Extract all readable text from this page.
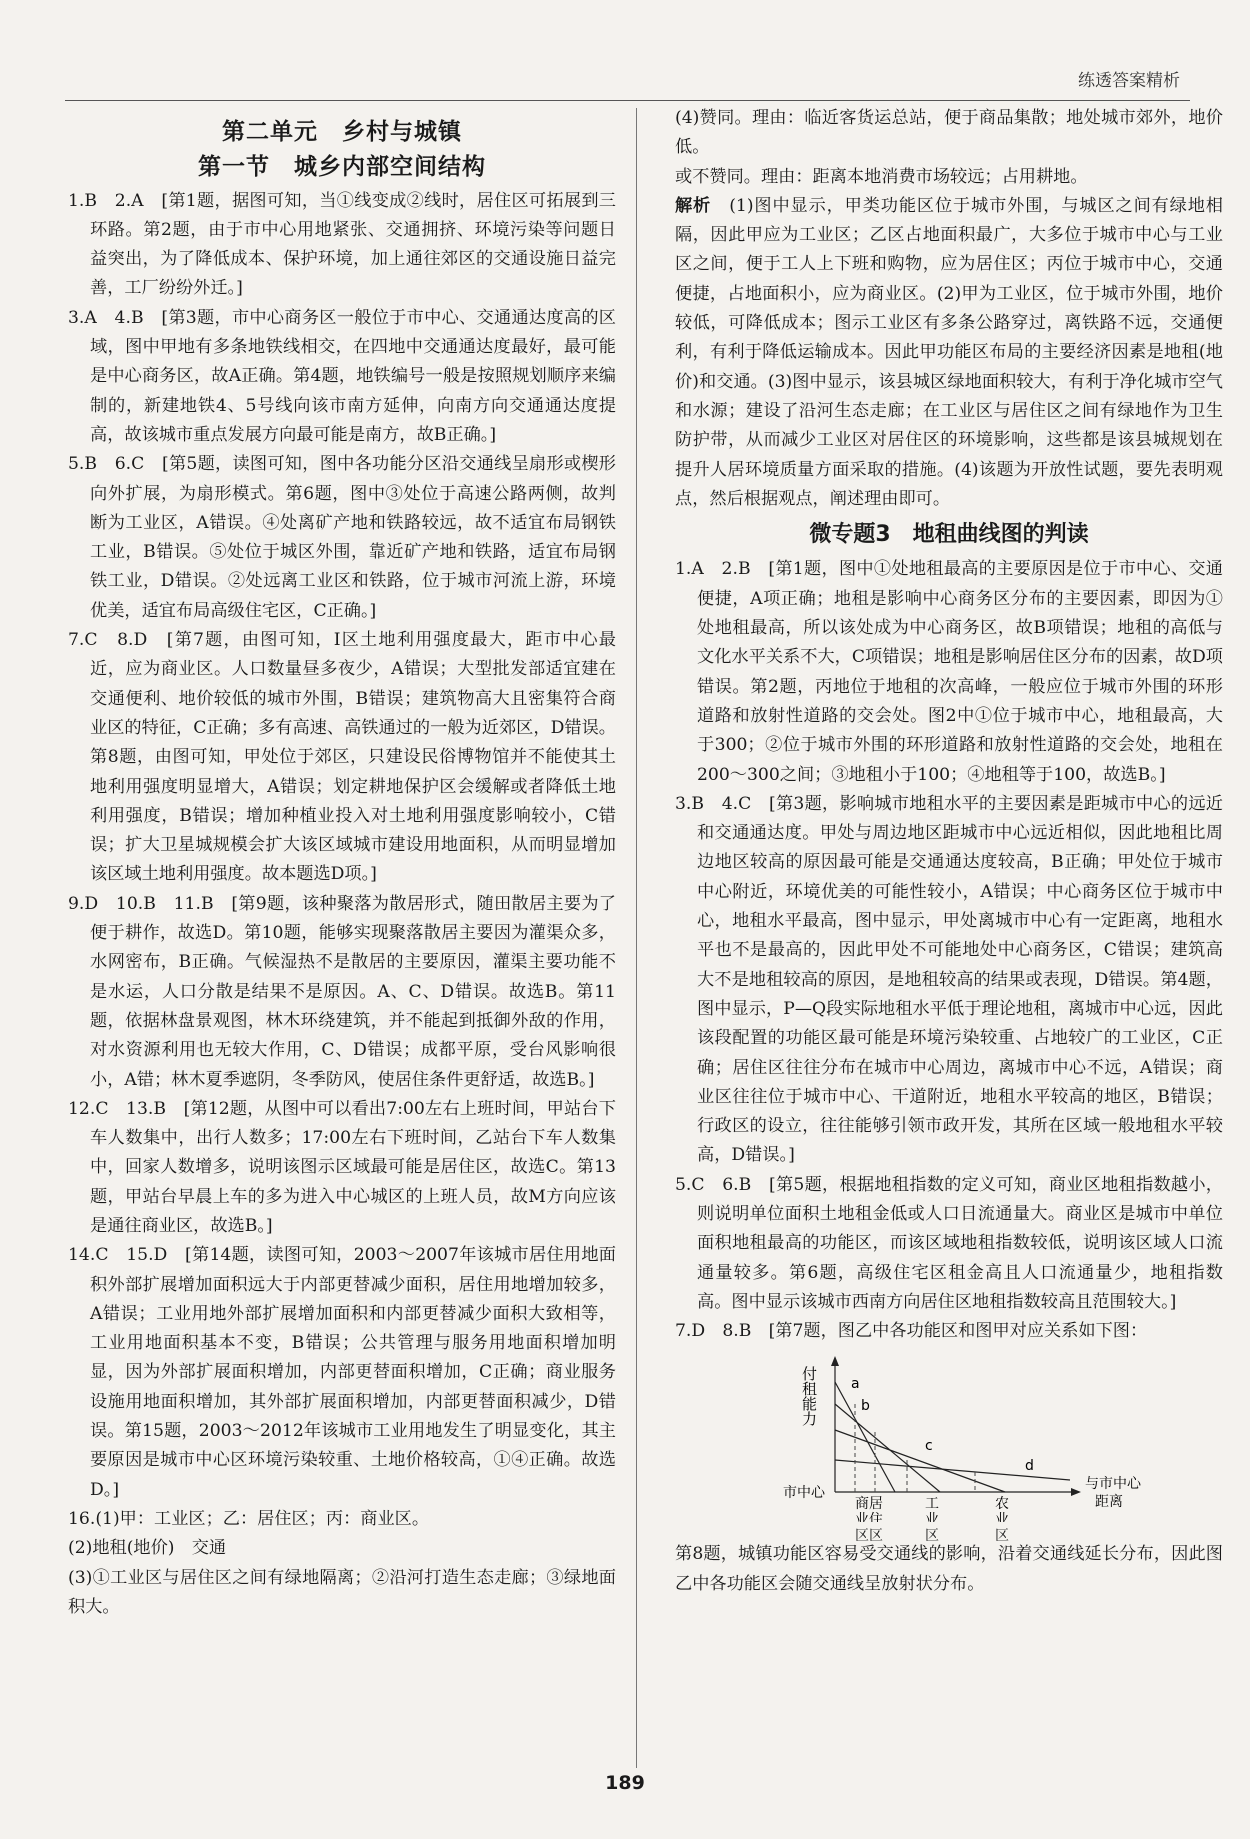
练透答案精析
第二单元　乡村与城镇
第一节　城乡内部空间结构

1.B　2.A　[第1题，据图可知，当①线变成②线时，居住区可拓展到三环路。第2题，由于市中心用地紧张、交通拥挤、环境污染等问题日益突出，为了降低成本、保护环境，加上通往郊区的交通设施日益完善，工厂纷纷外迁。]

3.A　4.B　[第3题，市中心商务区一般位于市中心、交通通达度高的区域，图中甲地有多条地铁线相交，在四地中交通通达度最好，最可能是中心商务区，故A正确。第4题，地铁编号一般是按照规划顺序来编制的，新建地铁4、5号线向该市南方延伸，向南方向交通通达度提高，故该城市重点发展方向最可能是南方，故B正确。]

5.B　6.C　[第5题，读图可知，图中各功能分区沿交通线呈扇形或楔形向外扩展，为扇形模式。第6题，图中③处位于高速公路两侧，故判断为工业区，A错误。④处离矿产地和铁路较远，故不适宜布局钢铁工业，B错误。⑤处位于城区外围，靠近矿产地和铁路，适宜布局钢铁工业，D错误。②处远离工业区和铁路，位于城市河流上游，环境优美，适宜布局高级住宅区，C正确。]

7.C　8.D　[第7题，由图可知，Ⅰ区土地利用强度最大，距市中心最近，应为商业区。人口数量昼多夜少，A错误；大型批发部适宜建在交通便利、地价较低的城市外围，B错误；建筑物高大且密集符合商业区的特征，C正确；多有高速、高铁通过的一般为近郊区，D错误。第8题，由图可知，甲处位于郊区，只建设民俗博物馆并不能使其土地利用强度明显增大，A错误；划定耕地保护区会缓解或者降低土地利用强度，B错误；增加种植业投入对土地利用强度影响较小，C错误；扩大卫星城规模会扩大该区域城市建设用地面积，从而明显增加该区域土地利用强度。故本题选D项。]

9.D　10.B　11.B　[第9题，该种聚落为散居形式，随田散居主要为了便于耕作，故选D。第10题，能够实现聚落散居主要因为灌渠众多，水网密布，B正确。气候湿热不是散居的主要原因，灌渠主要功能不是水运，人口分散是结果不是原因。A、C、D错误。故选B。第11题，依据林盘景观图，林木环绕建筑，并不能起到抵御外敌的作用，对水资源利用也无较大作用，C、D错误；成都平原，受台风影响很小，A错；林木夏季遮阴，冬季防风，使居住条件更舒适，故选B。]

12.C　13.B　[第12题，从图中可以看出7:00左右上班时间，甲站台下车人数集中，出行人数多；17:00左右下班时间，乙站台下车人数集中，回家人数增多，说明该图示区域最可能是居住区，故选C。第13题，甲站台早晨上车的多为进入中心城区的上班人员，故M方向应该是通往商业区，故选B。]

14.C　15.D　[第14题，读图可知，2003～2007年该城市居住用地面积外部扩展增加面积远大于内部更替减少面积，居住用地增加较多，A错误；工业用地外部扩展增加面积和内部更替减少面积大致相等，工业用地面积基本不变，B错误；公共管理与服务用地面积增加明显，因为外部扩展面积增加，内部更替面积增加，C正确；商业服务设施用地面积增加，其外部扩展面积增加，内部更替面积减少，D错误。第15题，2003～2012年该城市工业用地发生了明显变化，其主要原因是城市中心区环境污染较重、土地价格较高，①④正确。故选D。]

16.(1)甲：工业区；乙：居住区；丙：商业区。

(2)地租(地价)　交通

(3)①工业区与居住区之间有绿地隔离；②沿河打造生态走廊；③绿地面积大。

(4)赞同。理由：临近客货运总站，便于商品集散；地处城市郊外，地价低。

或不赞同。理由：距离本地消费市场较远；占用耕地。

解析　 (1)图中显示，甲类功能区位于城市外围，与城区之间有绿地相隔，因此甲应为工业区；乙区占地面积最广，大多位于城市中心与工业区之间，便于工人上下班和购物，应为居住区；丙位于城市中心，交通便捷，占地面积小，应为商业区。(2)甲为工业区，位于城市外围，地价较低，可降低成本；图示工业区有多条公路穿过，离铁路不远，交通便利，有利于降低运输成本。因此甲功能区布局的主要经济因素是地租(地价)和交通。(3)图中显示，该县城区绿地面积较大，有利于净化城市空气和水源；建设了沿河生态走廊；在工业区与居住区之间有绿地作为卫生防护带，从而减少工业区对居住区的环境影响，这些都是该县城规划在提升人居环境质量方面采取的措施。(4)该题为开放性试题，要先表明观点，然后根据观点，阐述理由即可。

微专题3　地租曲线图的判读

1.A　2.B　[第1题，图中①处地租最高的主要原因是位于市中心、交通便捷，A项正确；地租是影响中心商务区分布的主要因素，即因为①处地租最高，所以该处成为中心商务区，故B项错误；地租的高低与文化水平关系不大，C项错误；地租是影响居住区分布的因素，故D项错误。第2题，丙地位于地租的次高峰，一般应位于城市外围的环形道路和放射性道路的交会处。图2中①位于城市中心，地租最高，大于300；②位于城市外围的环形道路和放射性道路的交会处，地租在200～300之间；③地租小于100；④地租等于100，故选B。]

3.B　4.C　[第3题，影响城市地租水平的主要因素是距城市中心的远近和交通通达度。甲处与周边地区距城市中心远近相似，因此地租比周边地区较高的原因最可能是交通通达度较高，B正确；甲处位于城市中心附近，环境优美的可能性较小，A错误；中心商务区位于城市中心，地租水平最高，图中显示，甲处离城市中心有一定距离，地租水平也不是最高的，因此甲处不可能地处中心商务区，C错误；建筑高大不是地租较高的原因，是地租较高的结果或表现，D错误。第4题，图中显示，P—Q段实际地租水平低于理论地租，离城市中心远，因此该段配置的功能区最可能是环境污染较重、占地较广的工业区，C正确；居住区往往分布在城市中心周边，离城市中心不远，A错误；商业区往往位于城市中心、干道附近，地租水平较高的地区，B错误；行政区的设立，往往能够引领市政开发，其所在区域一般地租水平较高，D错误。]

5.C　6.B　[第5题，根据地租指数的定义可知，商业区地租指数越小，则说明单位面积土地租金低或人口日流通量大。商业区是城市中单位面积地租最高的功能区，而该区域地租指数较低，说明该区域人口流通量较多。第6题，高级住宅区租金高且人口流通量少，地租指数高。图中显示该城市西南方向居住区地租指数较高且范围较大。]

7.D　8.B　[第7题，图乙中各功能区和图甲对应关系如下图：

a
b
c
d
付租能力
市中心
与市中心
距离
商居
业住
工
业
农
业
区区	区	区

第8题，城镇功能区容易受交通线的影响，沿着交通线延长分布，因此图乙中各功能区会随交通线呈放射状分布。

189
